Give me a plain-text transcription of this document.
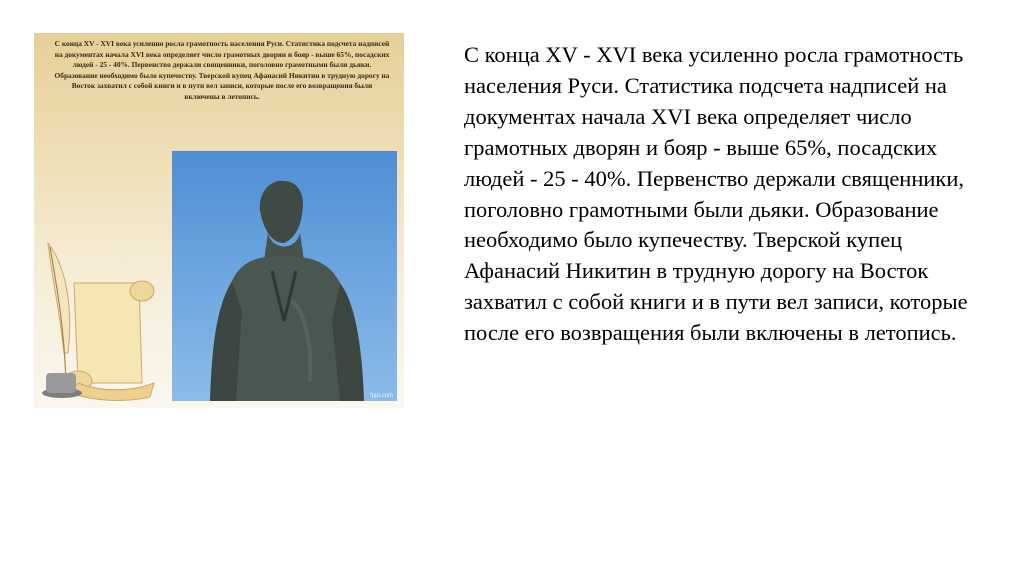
С конца XV - XVI века усиленно росла грамотность населения Руси. Статистика подсчета надписей на документах начала XVI века определяет число грамотных дворян и бояр - выше 65%, посадских людей - 25 - 40%. Первенство держали священники, поголовно грамотными были дьяки. Образование необходимо было купечеству. Тверской купец Афанасий Никитин в трудную дорогу на Восток захватил с собой книги и в пути вел записи, которые после его возвращения были включены в летопись.
fppt.com
С конца XV - XVI века усиленно росла грамотность населения Руси. Статистика подсчета надписей на документах начала XVI века определяет число грамотных дворян и бояр - выше 65%, посадских людей - 25 - 40%. Первенство держали священники, поголовно грамотными были дьяки. Образование необходимо было купечеству. Тверской купец Афанасий Никитин в трудную дорогу на Восток захватил с собой книги и в пути вел записи, которые после его возвращения были включены в летопись.
